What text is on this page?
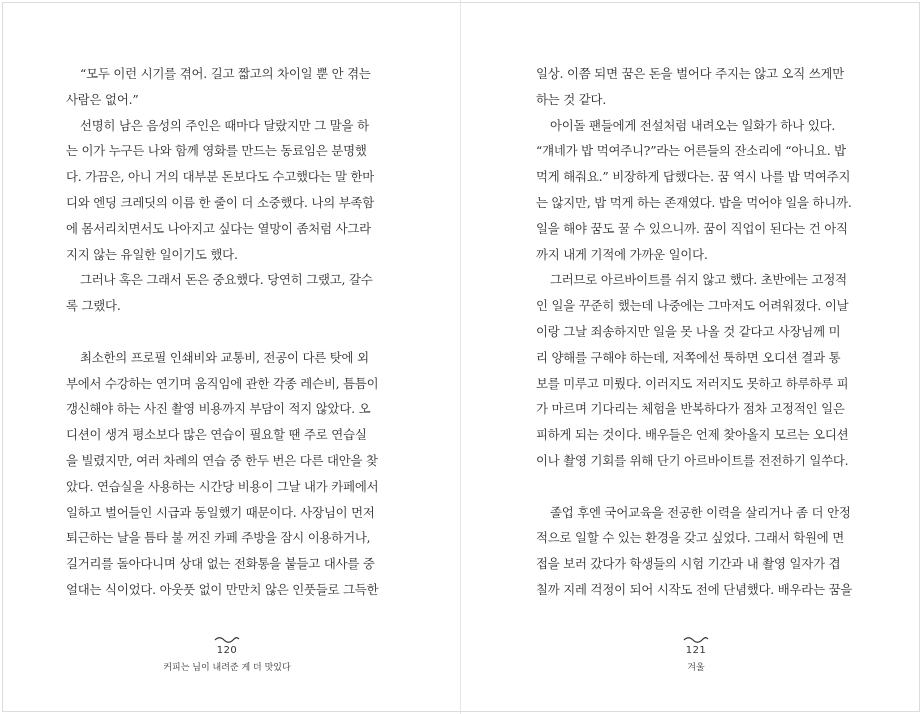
“모두 이런 시기를 겪어. 길고 짧고의 차이일 뿐 안 겪는
사람은 없어.”
선명히 남은 음성의 주인은 때마다 달랐지만 그 말을 하
는 이가 누구든 나와 함께 영화를 만드는 동료임은 분명했
다. 가끔은, 아니 거의 대부분 돈보다도 수고했다는 말 한마
디와 엔딩 크레딧의 이름 한 줄이 더 소중했다. 나의 부족함
에 몸서리치면서도 나아지고 싶다는 열망이 좀처럼 사그라
지지 않는 유일한 일이기도 했다.
그러나 혹은 그래서 돈은 중요했다. 당연히 그랬고, 갈수
록 그랬다.
최소한의 프로필 인쇄비와 교통비, 전공이 다른 탓에 외
부에서 수강하는 연기며 움직임에 관한 각종 레슨비, 틈틈이
갱신해야 하는 사진 촬영 비용까지 부담이 적지 않았다. 오
디션이 생겨 평소보다 많은 연습이 필요할 땐 주로 연습실
을 빌렸지만, 여러 차례의 연습 중 한두 번은 다른 대안을 찾
았다. 연습실을 사용하는 시간당 비용이 그날 내가 카페에서
일하고 벌어들인 시급과 동일했기 때문이다. 사장님이 먼저
퇴근하는 날을 틈타 불 꺼진 카페 주방을 잠시 이용하거나,
길거리를 돌아다니며 상대 없는 전화통을 붙들고 대사를 중
얼대는 식이었다. 아웃풋 없이 만만치 않은 인풋들로 그득한
120
커피는 님이 내려준 게 더 맛있다
일상. 이쯤 되면 꿈은 돈을 벌어다 주지는 않고 오직 쓰게만
하는 것 같다.
아이돌 팬들에게 전설처럼 내려오는 일화가 하나 있다.
“걔네가 밥 먹여주니?”라는 어른들의 잔소리에 “아니요. 밥
먹게 해줘요.” 비장하게 답했다는. 꿈 역시 나를 밥 먹여주지
는 않지만, 밥 먹게 하는 존재였다. 밥을 먹어야 일을 하니까.
일을 해야 꿈도 꿀 수 있으니까. 꿈이 직업이 된다는 건 아직
까지 내게 기적에 가까운 일이다.
그러므로 아르바이트를 쉬지 않고 했다. 초반에는 고정적
인 일을 꾸준히 했는데 나중에는 그마저도 어려워졌다. 이날
이랑 그날 죄송하지만 일을 못 나올 것 같다고 사장님께 미
리 양해를 구해야 하는데, 저쪽에선 툭하면 오디션 결과 통
보를 미루고 미뤘다. 이러지도 저러지도 못하고 하루하루 피
가 마르며 기다리는 체험을 반복하다가 점차 고정적인 일은
피하게 되는 것이다. 배우들은 언제 찾아올지 모르는 오디션
이나 촬영 기회를 위해 단기 아르바이트를 전전하기 일쑤다.
졸업 후엔 국어교육을 전공한 이력을 살리거나 좀 더 안정
적으로 일할 수 있는 환경을 갖고 싶었다. 그래서 학원에 면
접을 보러 갔다가 학생들의 시험 기간과 내 촬영 일자가 겹
칠까 지레 걱정이 되어 시작도 전에 단념했다. 배우라는 꿈을
121
겨울
